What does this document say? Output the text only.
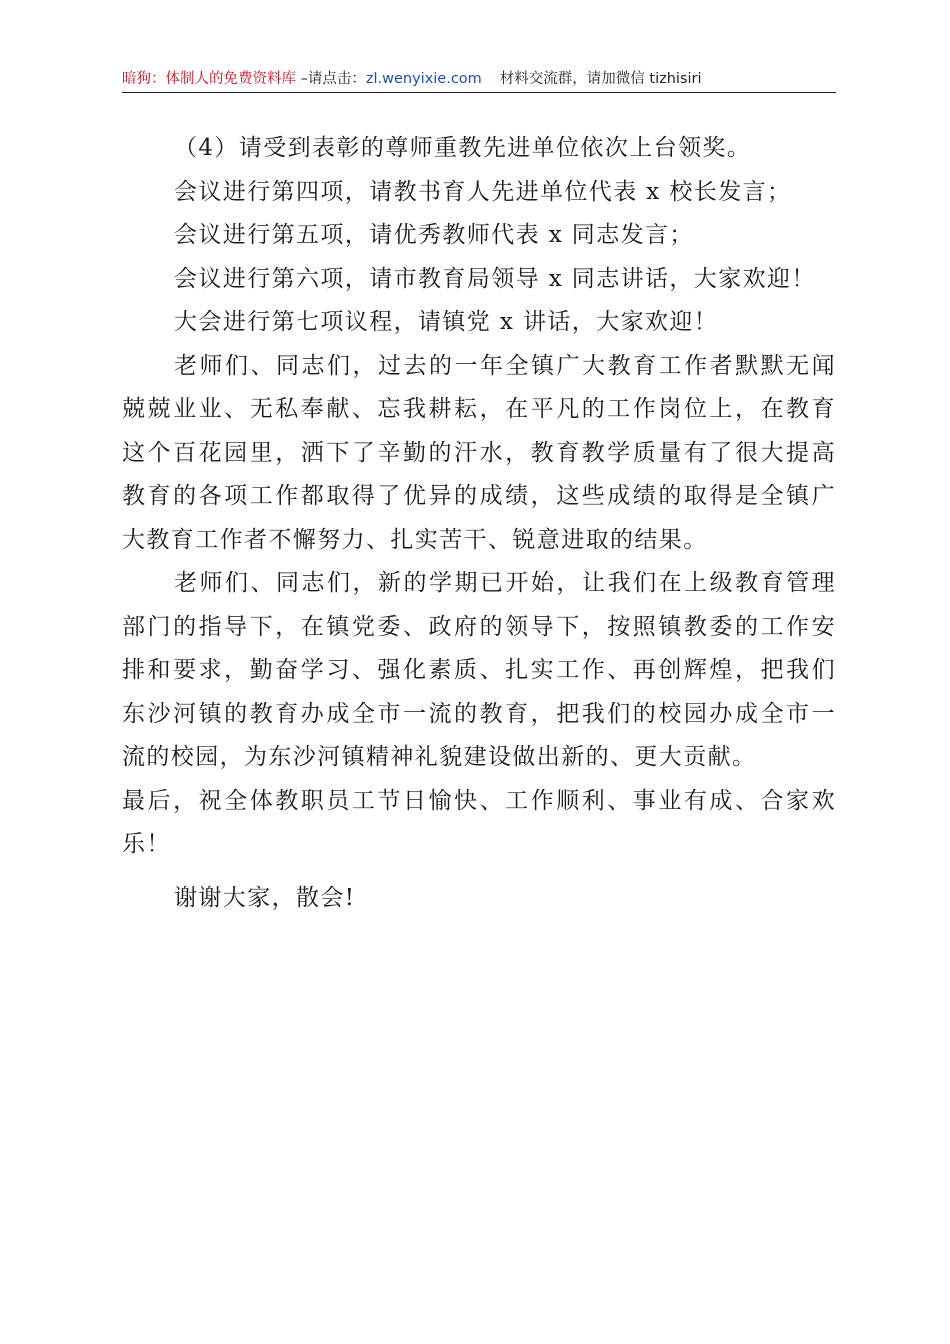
暗狗：体制人的免费资料库 –请点击：zl.wenyixie.com 材料交流群，请加微信 tizhisiri
（4）请受到表彰的尊师重教先进单位依次上台领奖。
会议进行第四项，请教书育人先进单位代表 x 校长发言；
会议进行第五项，请优秀教师代表 x 同志发言；
会议进行第六项，请市教育局领导 x 同志讲话，大家欢迎！
大会进行第七项议程，请镇党 x 讲话，大家欢迎！
老师们、同志们，过去的一年全镇广大教育工作者默默无闻
兢兢业业、无私奉献、忘我耕耘，在平凡的工作岗位上，在教育
这个百花园里，洒下了辛勤的汗水，教育教学质量有了很大提高
教育的各项工作都取得了优异的成绩，这些成绩的取得是全镇广
大教育工作者不懈努力、扎实苦干、锐意进取的结果。
老师们、同志们，新的学期已开始，让我们在上级教育管理
部门的指导下，在镇党委、政府的领导下，按照镇教委的工作安
排和要求，勤奋学习、强化素质、扎实工作、再创辉煌，把我们
东沙河镇的教育办成全市一流的教育，把我们的校园办成全市一
流的校园，为东沙河镇精神礼貌建设做出新的、更大贡献。
最后，祝全体教职员工节日愉快、工作顺利、事业有成、合家欢
乐！
谢谢大家，散会!
